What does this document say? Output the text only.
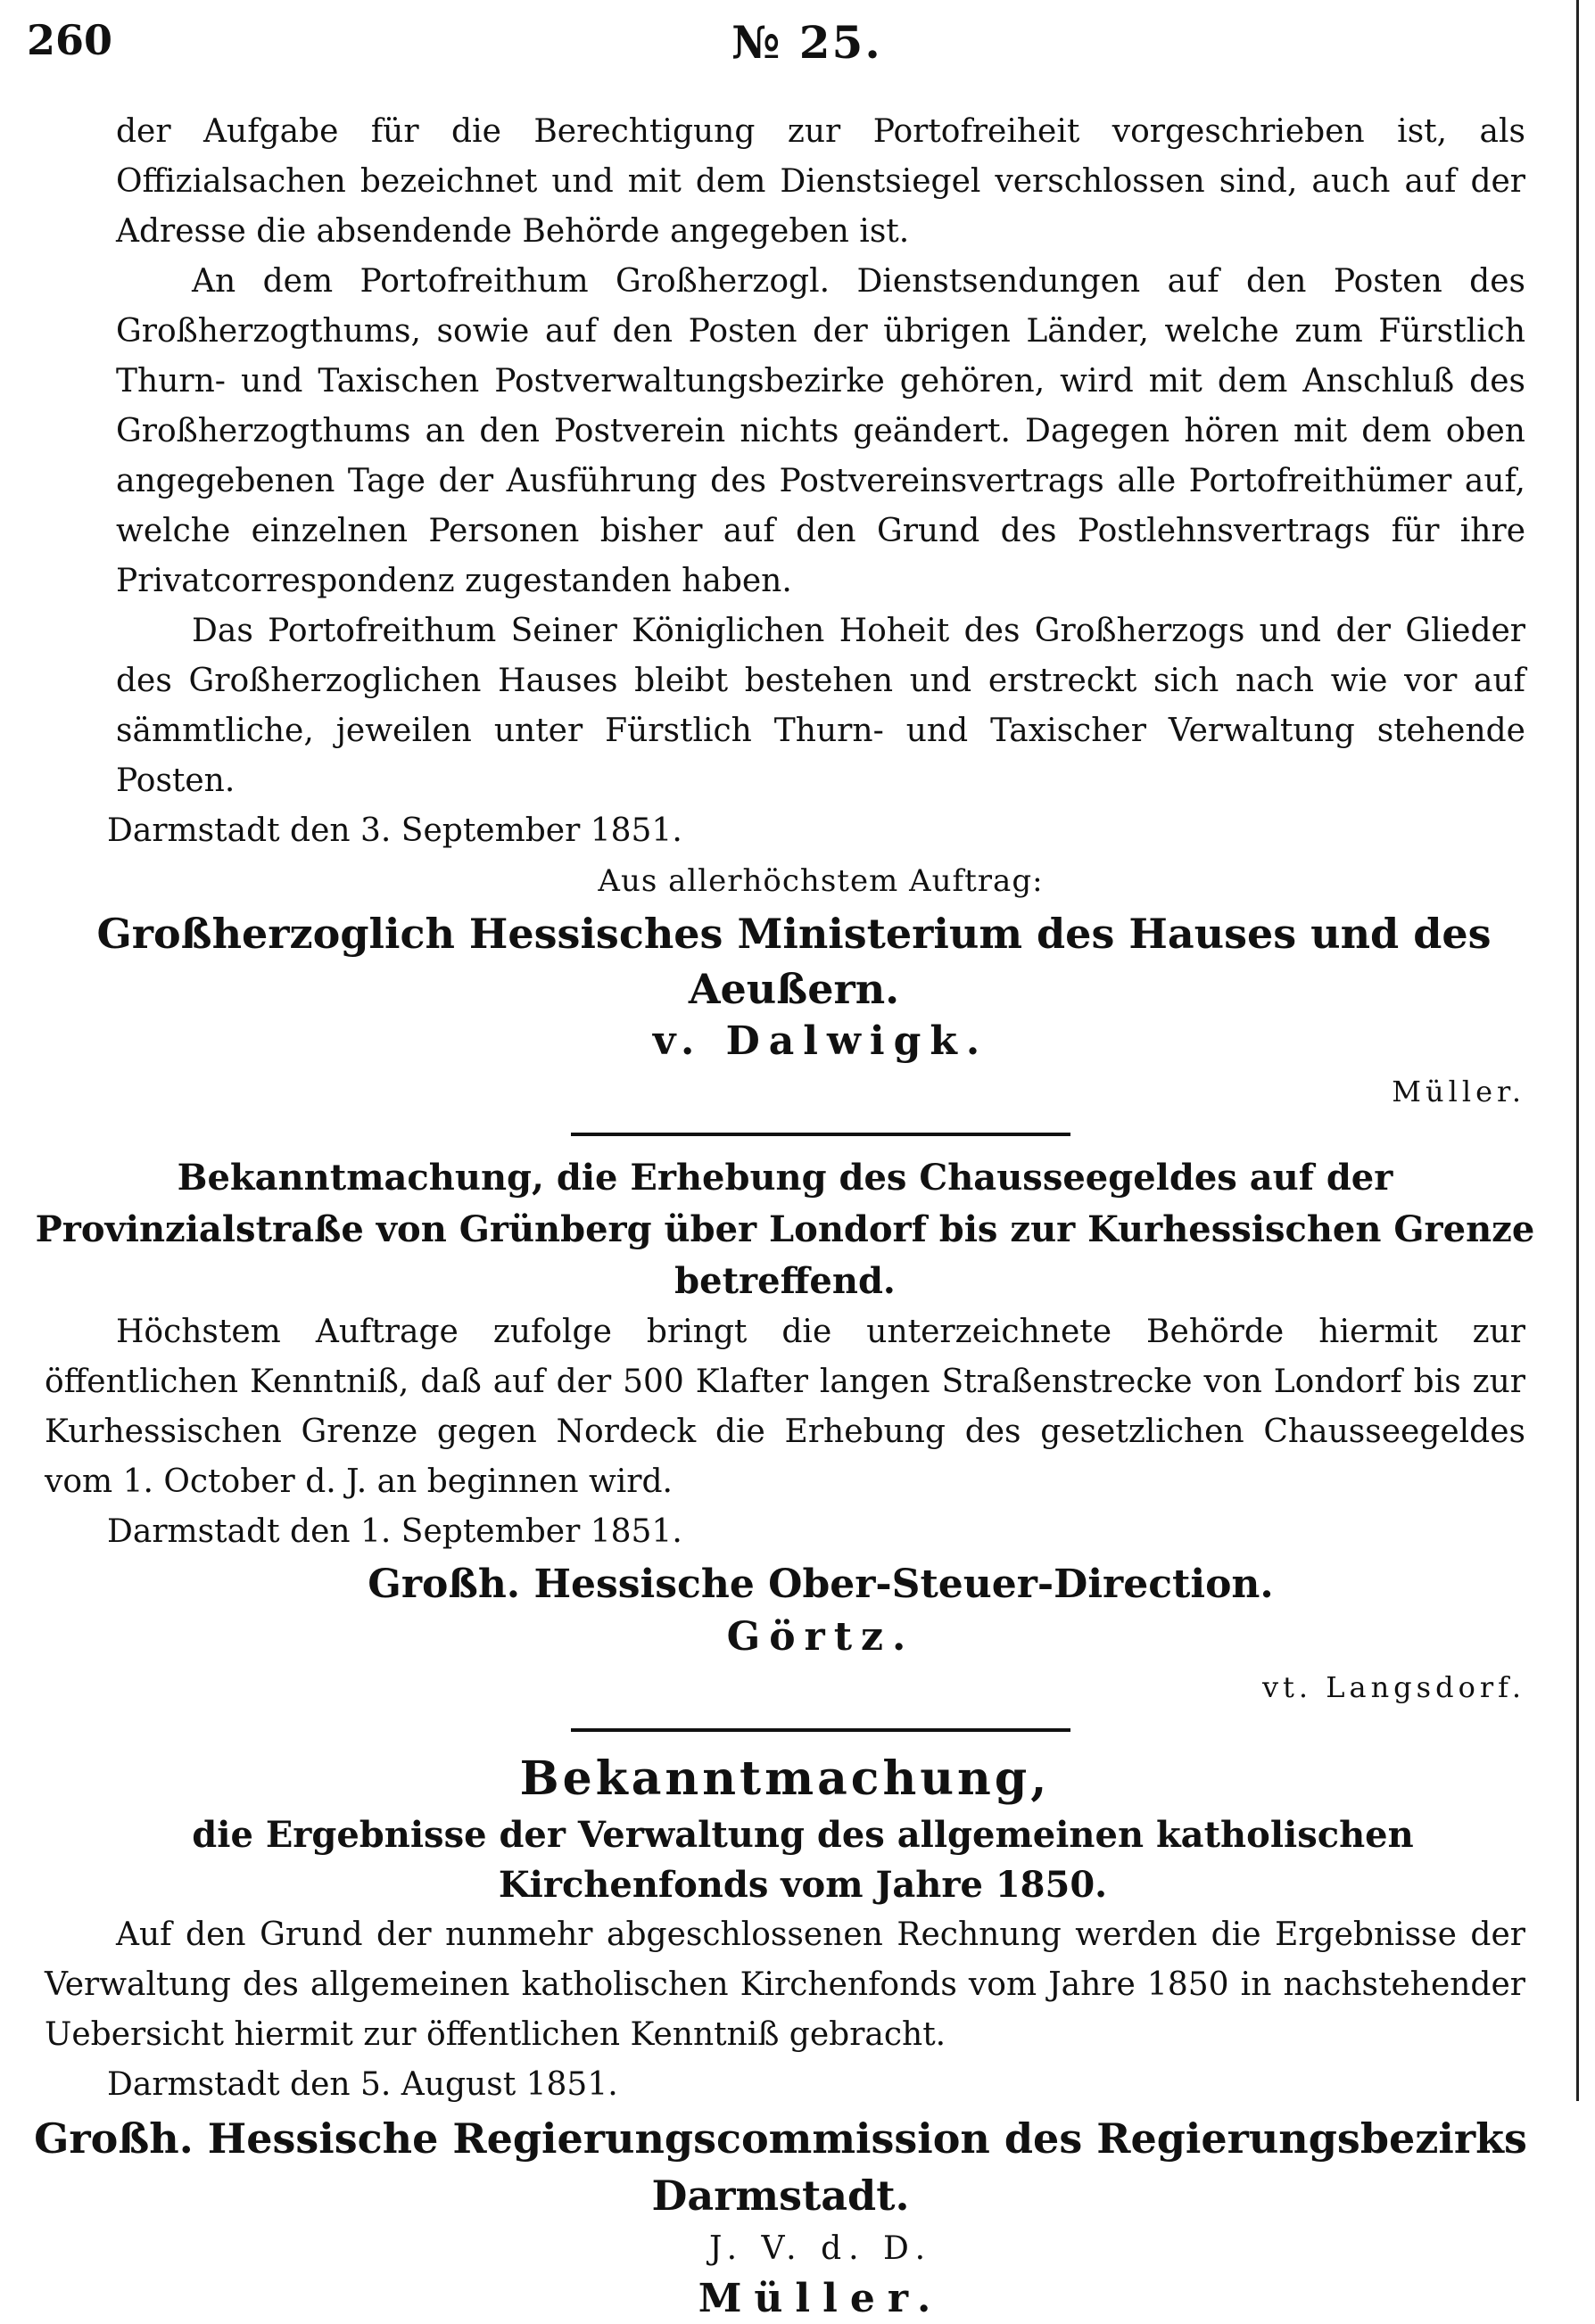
260	№ 25.

der Aufgabe für die Berechtigung zur Portofreiheit vorgeschrieben ist, als Offizialsachen bezeichnet und mit dem Dienstsiegel verschlossen sind, auch auf der Adresse die absendende Behörde angegeben ist.

An dem Portofreithum Großherzogl. Dienstsendungen auf den Posten des Großherzogthums, sowie auf den Posten der übrigen Länder, welche zum Fürstlich Thurn- und Taxischen Postverwaltungsbezirke gehören, wird mit dem Anschluß des Großherzogthums an den Postverein nichts geändert. Dagegen hören mit dem oben angegebenen Tage der Ausführung des Postvereinsvertrags alle Portofreithümer auf, welche einzelnen Personen bisher auf den Grund des Postlehnsvertrags für ihre Privatcorrespondenz zugestanden haben.

Das Portofreithum Seiner Königlichen Hoheit des Großherzogs und der Glieder des Großherzoglichen Hauses bleibt bestehen und erstreckt sich nach wie vor auf sämmtliche, jeweilen unter Fürstlich Thurn- und Taxischer Verwaltung stehende Posten.

Darmstadt den 3. September 1851.

Aus allerhöchstem Auftrag:

Großherzoglich Hessisches Ministerium des Hauses und des Aeußern.

v. Dalwigk.

Müller.

Bekanntmachung, die Erhebung des Chausseegeldes auf der Provinzialstraße von Grünberg über Londorf bis zur Kurhessischen Grenze betreffend.

Höchstem Auftrage zufolge bringt die unterzeichnete Behörde hiermit zur öffentlichen Kenntniß, daß auf der 500 Klafter langen Straßenstrecke von Londorf bis zur Kurhessischen Grenze gegen Nordeck die Erhebung des gesetzlichen Chausseegeldes vom 1. October d. J. an beginnen wird.

Darmstadt den 1. September 1851.

Großh. Hessische Ober-Steuer-Direction.

Görtz.

vt. Langsdorf.

Bekanntmachung,

die Ergebnisse der Verwaltung des allgemeinen katholischen Kirchenfonds vom Jahre 1850.

Auf den Grund der nunmehr abgeschlossenen Rechnung werden die Ergebnisse der Verwaltung des allgemeinen katholischen Kirchenfonds vom Jahre 1850 in nachstehender Uebersicht hiermit zur öffentlichen Kenntniß gebracht.

Darmstadt den 5. August 1851.

Großh. Hessische Regierungscommission des Regierungsbezirks Darmstadt.

J. V. d. D.

Müller.
